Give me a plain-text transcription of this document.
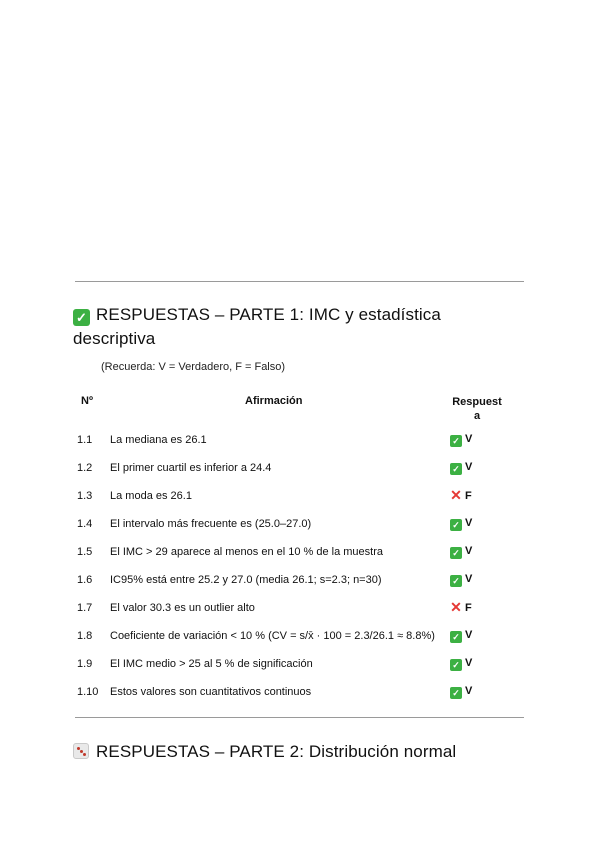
✓ RESPUESTAS – PARTE 1: IMC y estadística
descriptiva
(Recuerda: V = Verdadero, F = Falso)
Nº	Afirmación	Respuest
a
1.1 La mediana es 26.1	✓ V
1.2 El primer cuartil es inferior a 24.4	✓ V
1.3 La moda es 26.1	✕ F
1.4 El intervalo más frecuente es (25.0–27.0)	✓ V
1.5 El IMC > 29 aparece al menos en el 10 % de la muestra	✓ V
1.6 IC95% está entre 25.2 y 27.0 (media 26.1; s=2.3; n=30)	✓ V
1.7 El valor 30.3 es un outlier alto	✕ F
1.8 Coeficiente de variación < 10 % (CV = s/x̄ · 100 = 2.3/26.1 ≈ 8.8%) ✓ V
1.9 El IMC medio > 25 al 5 % de significación	✓ V
1.10 Estos valores son cuantitativos continuos	✓ V
RESPUESTAS – PARTE 2: Distribución normal
